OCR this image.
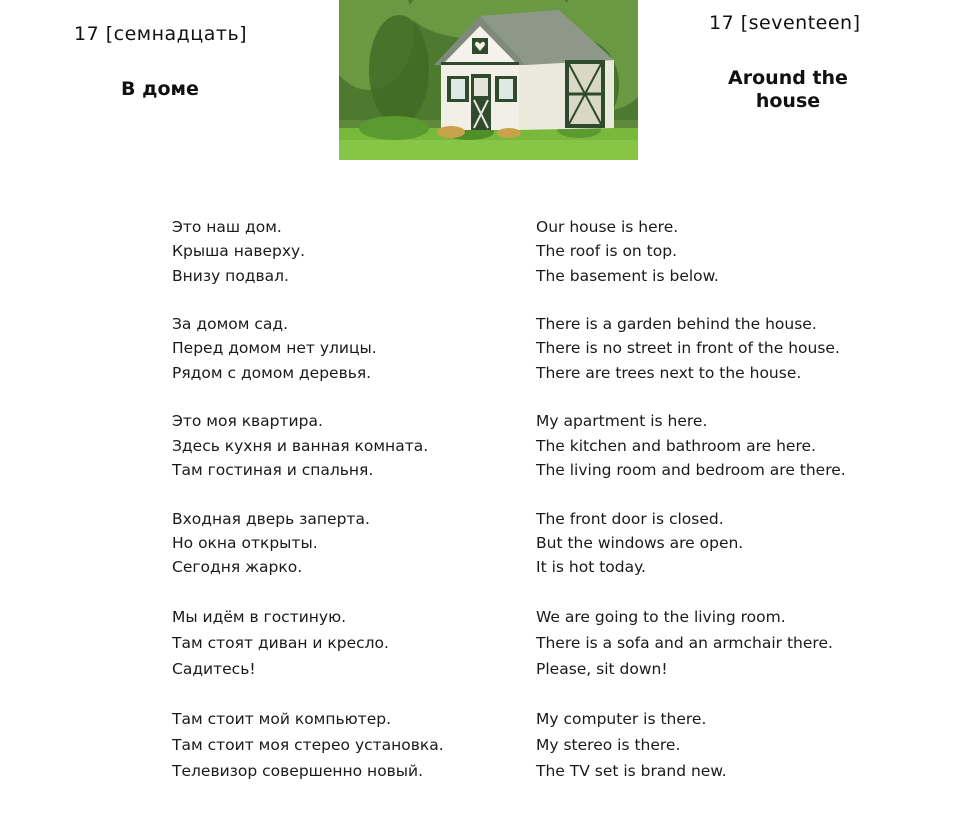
17 [семнадцать]
В доме
17 [seventeen]
Around the
house
Это наш дом.
Крыша наверху.
Внизу подвал.
За домом сад.
Перед домом нет улицы.
Рядом с домом деревья.
Это моя квартира.
Здесь кухня и ванная комната.
Там гостиная и спальня.
Входная дверь заперта.
Но окна открыты.
Сегодня жарко.
Мы идём в гостиную.
Там стоят диван и кресло.
Садитесь!
Там стоит мой компьютер.
Там стоит моя стерео установка.
Телевизор совершенно новый.
Our house is here.
The roof is on top.
The basement is below.
There is a garden behind the house.
There is no street in front of the house.
There are trees next to the house.
My apartment is here.
The kitchen and bathroom are here.
The living room and bedroom are there.
The front door is closed.
But the windows are open.
It is hot today.
We are going to the living room.
There is a sofa and an armchair there.
Please, sit down!
My computer is there.
My stereo is there.
The TV set is brand new.
